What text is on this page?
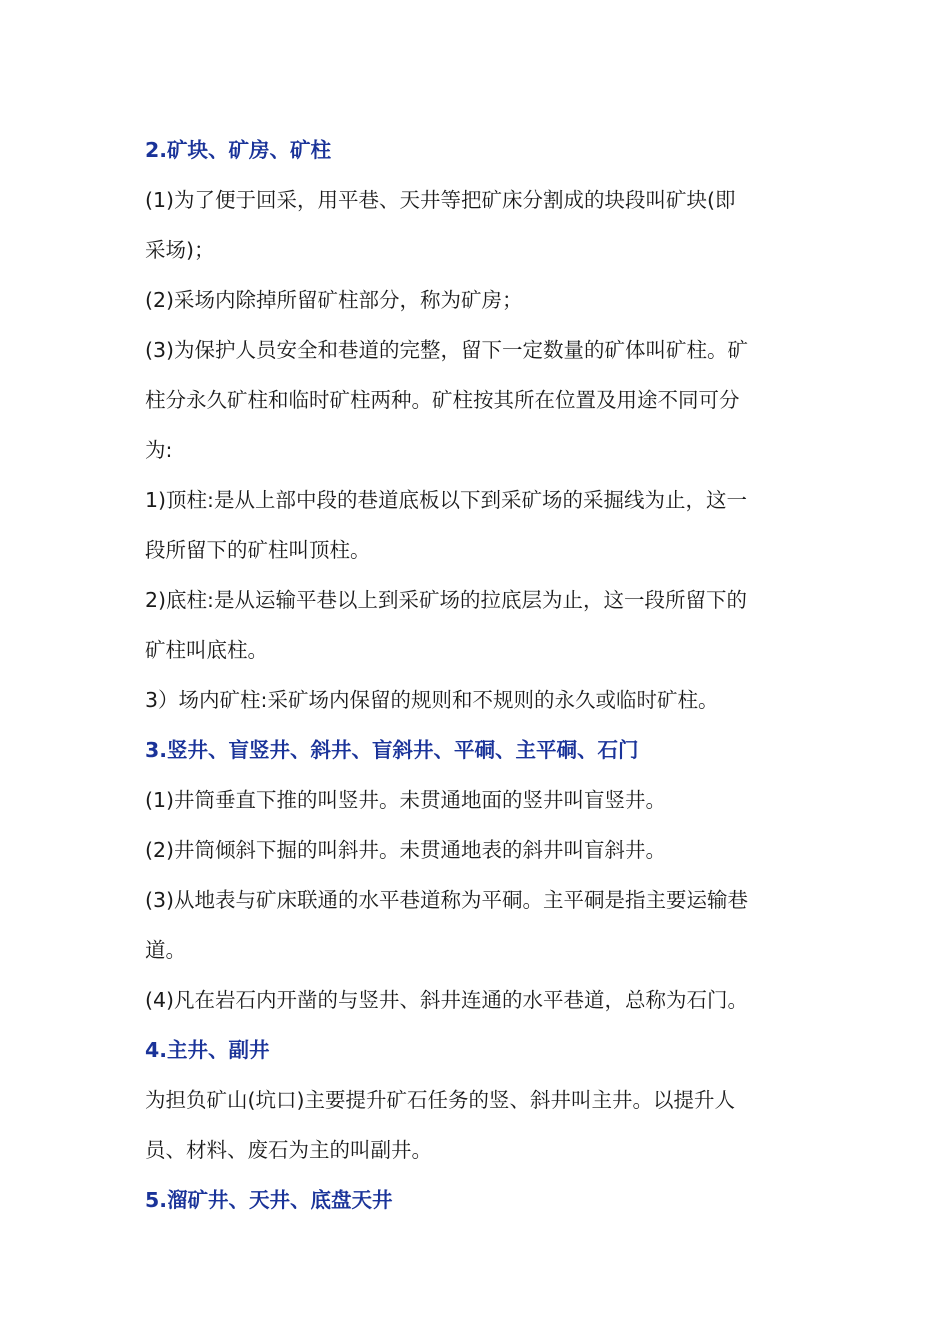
2.矿块、矿房、矿柱

(1)为了便于回采，用平巷、天井等把矿床分割成的块段叫矿块(即

采场)；

(2)采场内除掉所留矿柱部分，称为矿房；

(3)为保护人员安全和巷道的完整，留下一定数量的矿体叫矿柱。矿

柱分永久矿柱和临时矿柱两种。矿柱按其所在位置及用途不同可分

为:

1)顶柱:是从上部中段的巷道底板以下到采矿场的采掘线为止，这一

段所留下的矿柱叫顶柱。

2)底柱:是从运输平巷以上到采矿场的拉底层为止，这一段所留下的

矿柱叫底柱。

3）场内矿柱:采矿场内保留的规则和不规则的永久或临时矿柱。

3.竖井、盲竖井、斜井、盲斜井、平硐、主平硐、石门

(1)井筒垂直下推的叫竖井。未贯通地面的竖井叫盲竖井。

(2)井筒倾斜下掘的叫斜井。未贯通地表的斜井叫盲斜井。

(3)从地表与矿床联通的水平巷道称为平硐。主平硐是指主要运输巷

道。

(4)凡在岩石内开凿的与竖井、斜井连通的水平巷道，总称为石门。

4.主井、副井

为担负矿山(坑口)主要提升矿石任务的竖、斜井叫主井。以提升人

员、材料、废石为主的叫副井。

5.溜矿井、天井、底盘天井
